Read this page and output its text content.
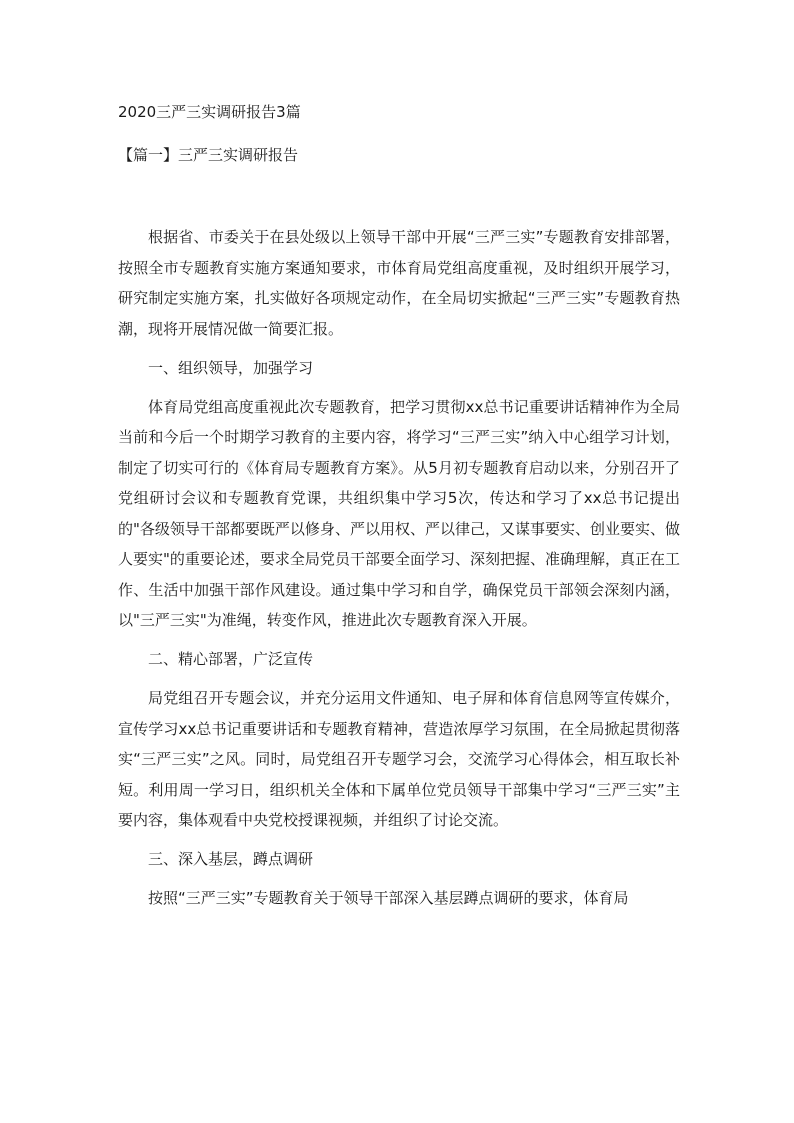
2020三严三实调研报告3篇
【篇一】三严三实调研报告

根据省、市委关于在县处级以上领导干部中开展“三严三实”专题教育安排部署，按照全市专题教育实施方案通知要求，市体育局党组高度重视，及时组织开展学习，研究制定实施方案，扎实做好各项规定动作，在全局切实掀起“三严三实”专题教育热潮，现将开展情况做一简要汇报。

一、组织领导，加强学习

体育局党组高度重视此次专题教育，把学习贯彻xx总书记重要讲话精神作为全局当前和今后一个时期学习教育的主要内容，将学习“三严三实”纳入中心组学习计划，制定了切实可行的《体育局专题教育方案》。从5月初专题教育启动以来，分别召开了党组研讨会议和专题教育党课，共组织集中学习5次，传达和学习了xx总书记提出的"各级领导干部都要既严以修身、严以用权、严以律己，又谋事要实、创业要实、做人要实"的重要论述，要求全局党员干部要全面学习、深刻把握、准确理解，真正在工作、生活中加强干部作风建设。通过集中学习和自学，确保党员干部领会深刻内涵，以"三严三实"为准绳，转变作风，推进此次专题教育深入开展。

二、精心部署，广泛宣传

局党组召开专题会议，并充分运用文件通知、电子屏和体育信息网等宣传媒介，宣传学习xx总书记重要讲话和专题教育精神，营造浓厚学习氛围，在全局掀起贯彻落实“三严三实”之风。同时，局党组召开专题学习会，交流学习心得体会，相互取长补短。利用周一学习日，组织机关全体和下属单位党员领导干部集中学习“三严三实”主要内容，集体观看中央党校授课视频，并组织了讨论交流。

三、深入基层，蹲点调研

按照“三严三实”专题教育关于领导干部深入基层蹲点调研的要求，体育局
